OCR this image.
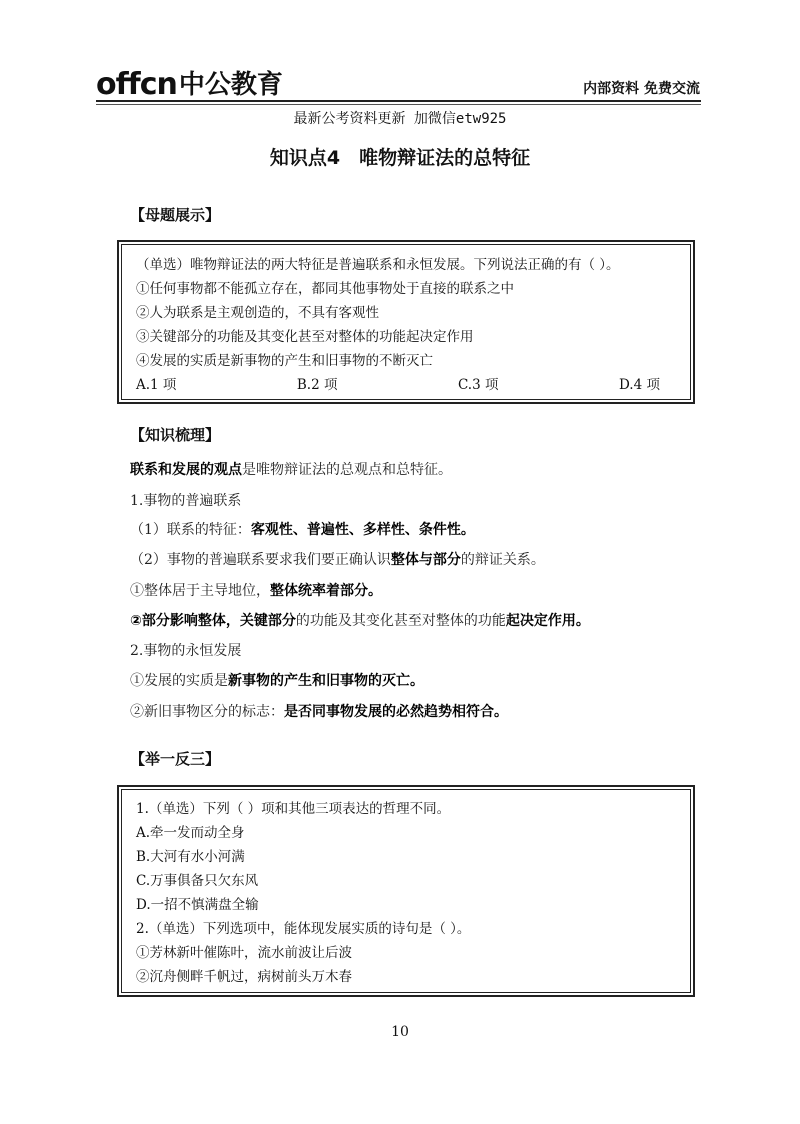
offcn 中公教育	内部资料 免费交流
最新公考资料更新 加微信etw925
知识点4　唯物辩证法的总特征
【母题展示】
（单选）唯物辩证法的两大特征是普遍联系和永恒发展。下列说法正确的有（ ）。
①任何事物都不能孤立存在，都同其他事物处于直接的联系之中
②人为联系是主观创造的，不具有客观性
③关键部分的功能及其变化甚至对整体的功能起决定作用
④发展的实质是新事物的产生和旧事物的不断灭亡
A.1 项	B.2 项	C.3 项	D.4 项
【知识梳理】
联系和发展的观点是唯物辩证法的总观点和总特征。
1.事物的普遍联系
（1）联系的特征：客观性、普遍性、多样性、条件性。
（2）事物的普遍联系要求我们要正确认识整体与部分的辩证关系。
①整体居于主导地位，整体统率着部分。
②部分影响整体，关键部分的功能及其变化甚至对整体的功能起决定作用。
2.事物的永恒发展
①发展的实质是新事物的产生和旧事物的灭亡。
②新旧事物区分的标志：是否同事物发展的必然趋势相符合。
【举一反三】
1.（单选）下列（ ）项和其他三项表达的哲理不同。
A.牵一发而动全身
B.大河有水小河满
C.万事俱备只欠东风
D.一招不慎满盘全输
2.（单选）下列选项中，能体现发展实质的诗句是（ ）。
①芳林新叶催陈叶，流水前波让后波
②沉舟侧畔千帆过，病树前头万木春
10
